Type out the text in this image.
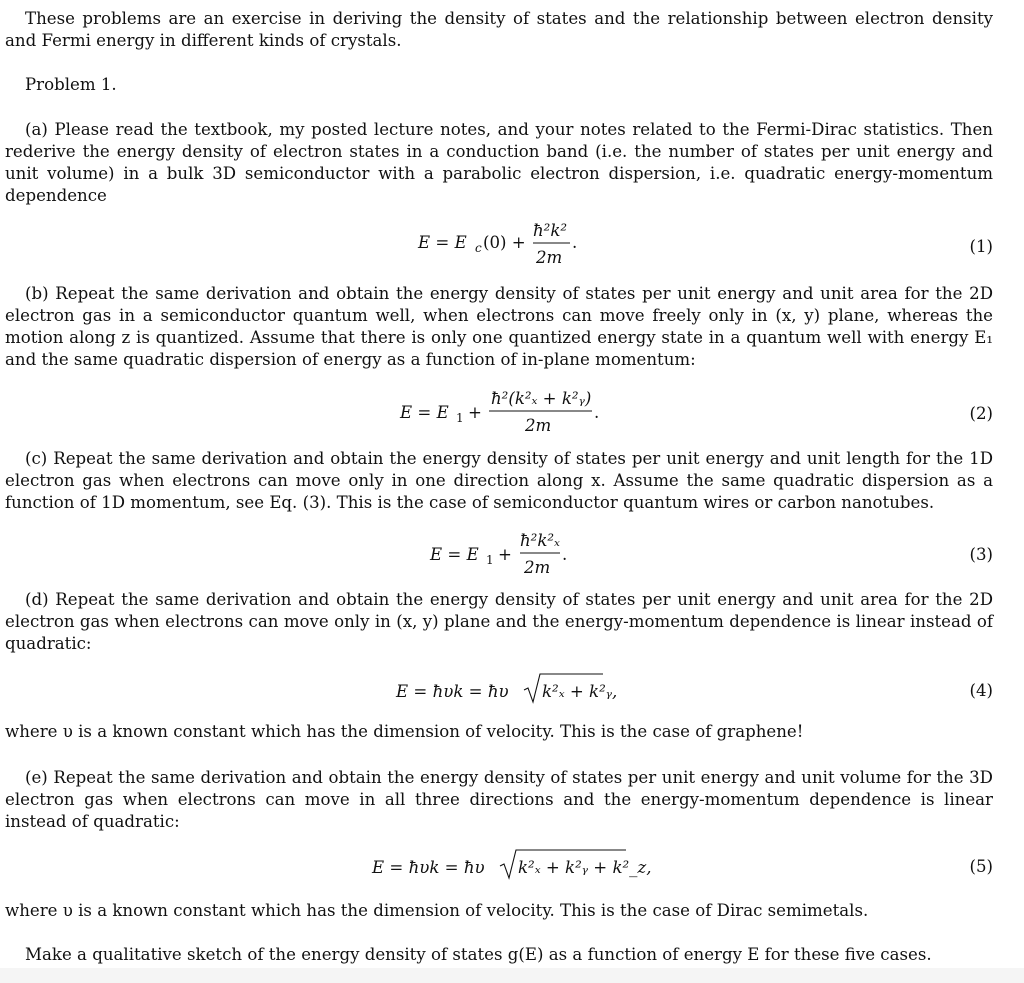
These problems are an exercise in deriving the density of states and the relationship between electron density and Fermi energy in different kinds of crystals.
Problem 1.
(a) Please read the textbook, my posted lecture notes, and your notes related to the Fermi-Dirac statistics. Then rederive the energy density of electron states in a conduction band (i.e. the number of states per unit energy and unit volume) in a bulk 3D semiconductor with a parabolic electron dispersion, i.e. quadratic energy-momentum dependence
E = E c (0) +
ħ²k²
2m
.	(1)
(b) Repeat the same derivation and obtain the energy density of states per unit energy and unit area for the 2D electron gas in a semiconductor quantum well, when electrons can move freely only in (x, y) plane, whereas the motion along z is quantized. Assume that there is only one quantized energy state in a quantum well with energy E₁ and the same quadratic dispersion of energy as a function of in-plane momentum:
E = E 1 +
ħ²(k²ₓ + k²ᵧ)
2m
.	(2)
(c) Repeat the same derivation and obtain the energy density of states per unit energy and unit length for the 1D electron gas when electrons can move only in one direction along x. Assume the same quadratic dispersion as a function of 1D momentum, see Eq. (3). This is the case of semiconductor quantum wires or carbon nanotubes.
E = E 1 +
ħ²k²ₓ
2m
.	(3)
(d) Repeat the same derivation and obtain the energy density of states per unit energy and unit area for the 2D electron gas when electrons can move only in (x, y) plane and the energy-momentum dependence is linear instead of quadratic:
E = ħυk = ħυ k²ₓ + k²ᵧ,	(4)
where υ is a known constant which has the dimension of velocity. This is the case of graphene!
(e) Repeat the same derivation and obtain the energy density of states per unit energy and unit volume for the 3D electron gas when electrons can move in all three directions and the energy-momentum dependence is linear instead of quadratic:
E = ħυk = ħυ k²ₓ + k²ᵧ + k²_z,	(5)
where υ is a known constant which has the dimension of velocity. This is the case of Dirac semimetals.
Make a qualitative sketch of the energy density of states g(E) as a function of energy E for these five cases.
